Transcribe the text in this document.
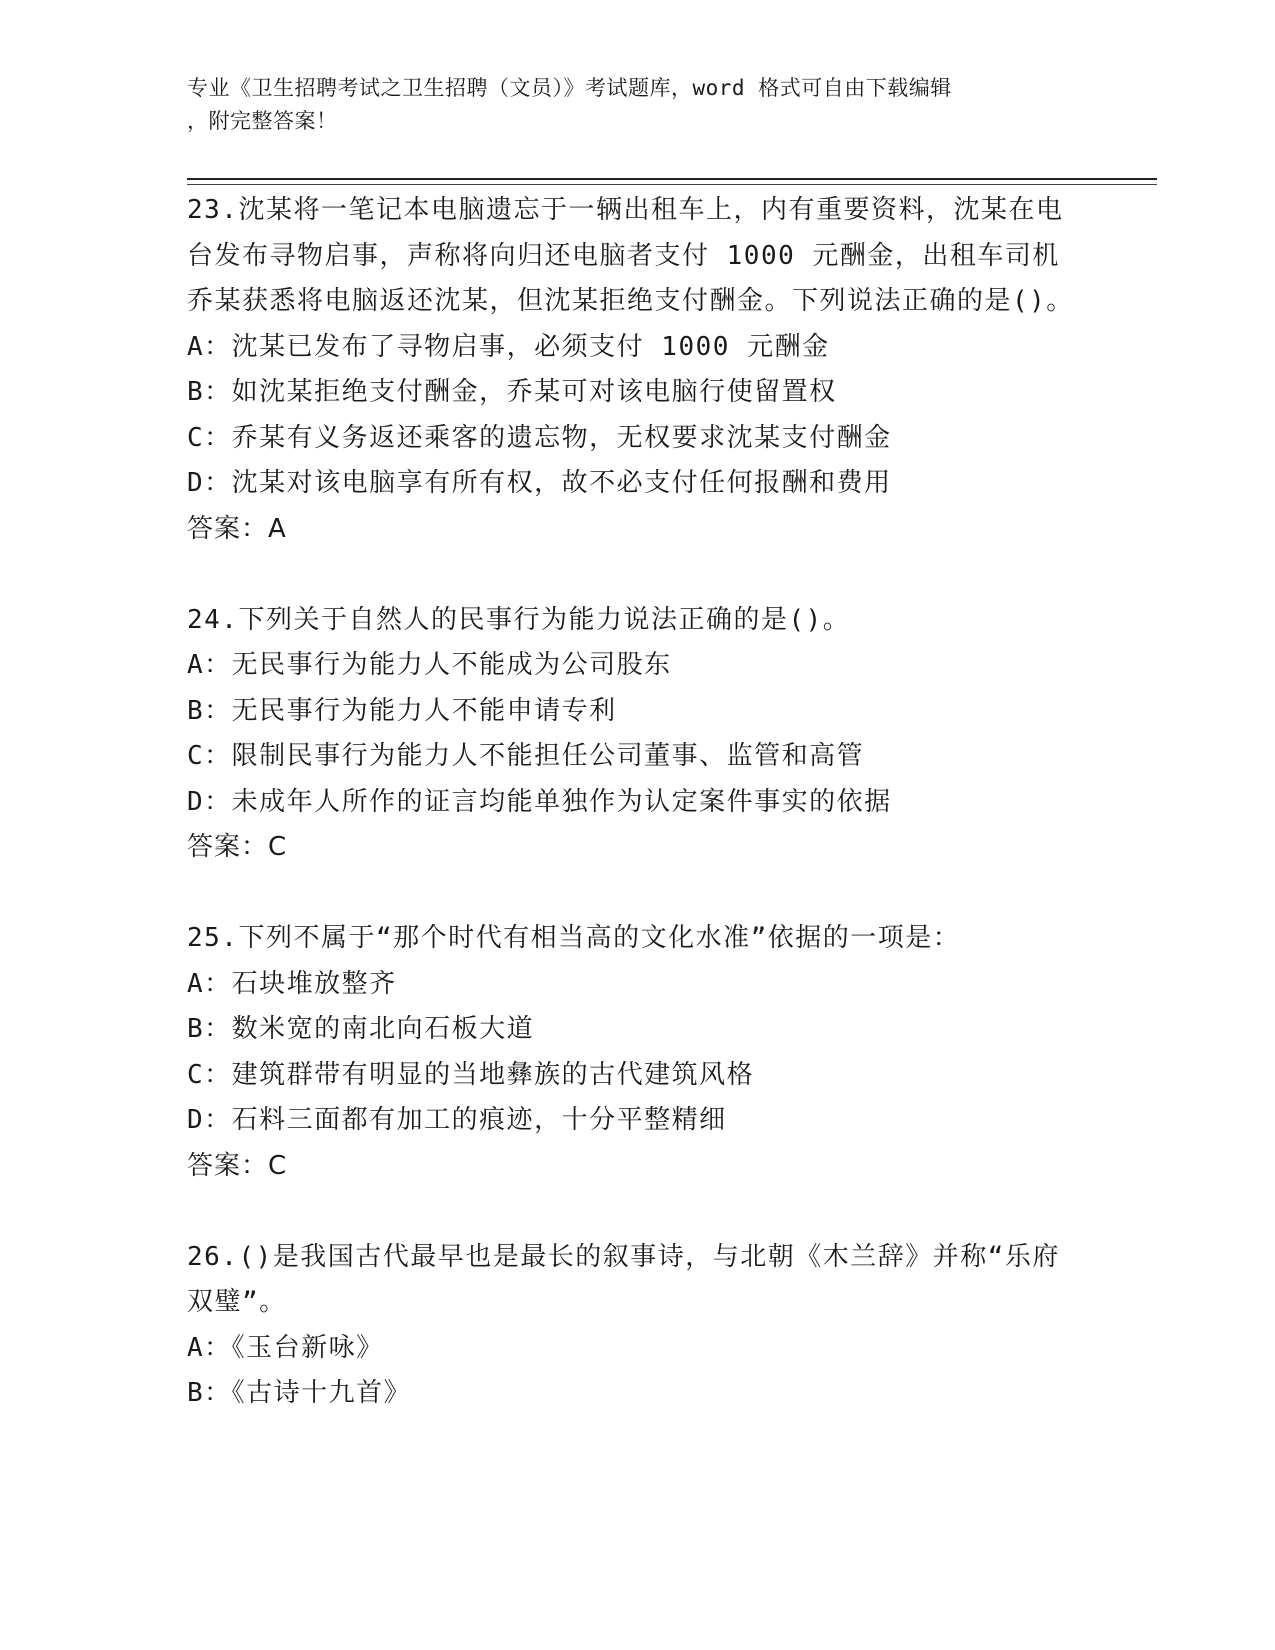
专业《卫生招聘考试之卫生招聘（文员）》考试题库，word 格式可自由下载编辑
，附完整答案！

23.沈某将一笔记本电脑遗忘于一辆出租车上，内有重要资料，沈某在电台发布寻物启事，声称将向归还电脑者支付 1000 元酬金，出租车司机乔某获悉将电脑返还沈某，但沈某拒绝支付酬金。下列说法正确的是()。

A：沈某已发布了寻物启事，必须支付 1000 元酬金

B：如沈某拒绝支付酬金，乔某可对该电脑行使留置权

C：乔某有义务返还乘客的遗忘物，无权要求沈某支付酬金

D：沈某对该电脑享有所有权，故不必支付任何报酬和费用

答案：A

24.下列关于自然人的民事行为能力说法正确的是()。

A：无民事行为能力人不能成为公司股东

B：无民事行为能力人不能申请专利

C：限制民事行为能力人不能担任公司董事、监管和高管

D：未成年人所作的证言均能单独作为认定案件事实的依据

答案：C

25.下列不属于“那个时代有相当高的文化水准”依据的一项是：

A：石块堆放整齐

B：数米宽的南北向石板大道

C：建筑群带有明显的当地彝族的古代建筑风格

D：石料三面都有加工的痕迹，十分平整精细

答案：C

26.()是我国古代最早也是最长的叙事诗，与北朝《木兰辞》并称“乐府双璧”。

A：《玉台新咏》

B：《古诗十九首》
